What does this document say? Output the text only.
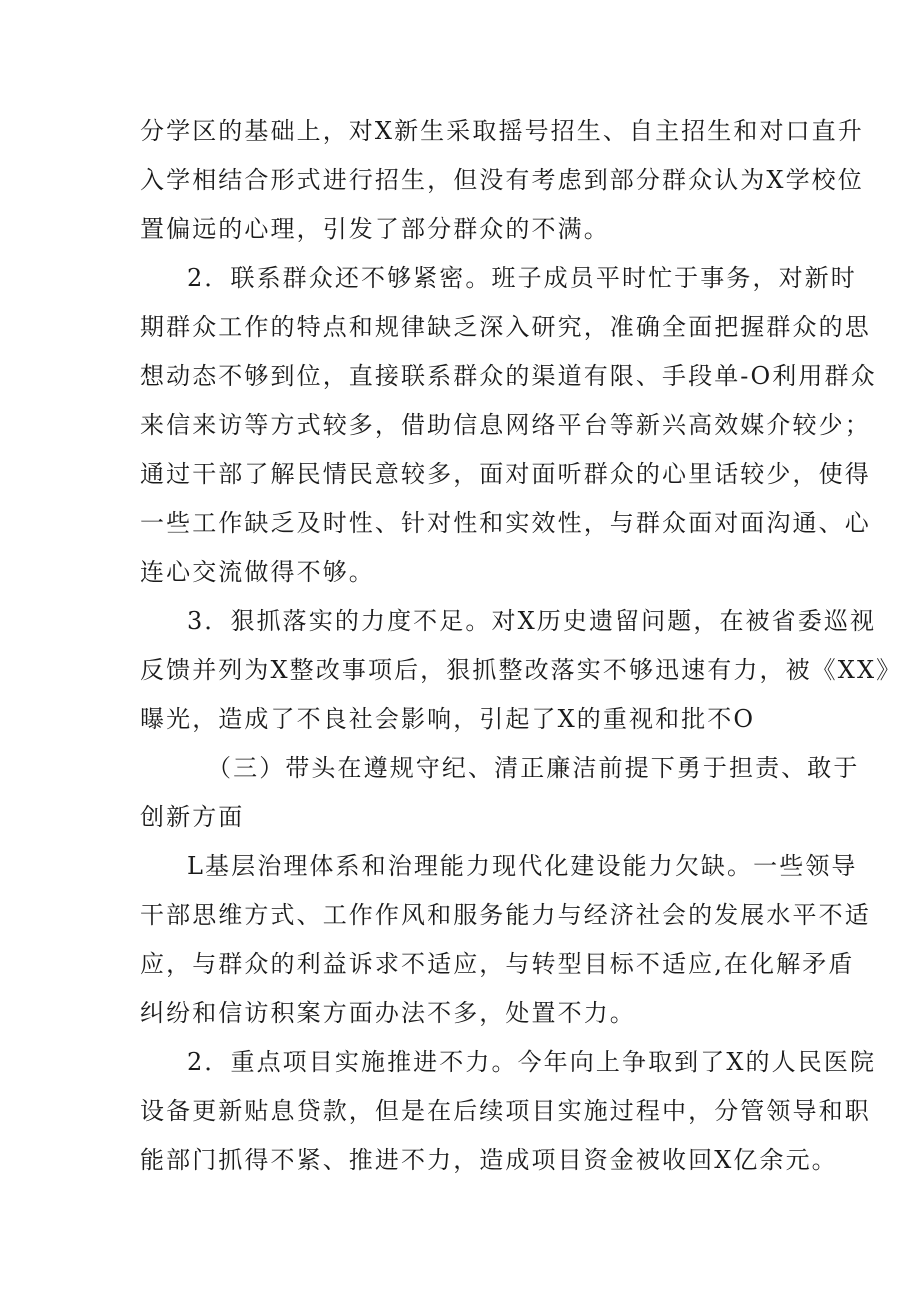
分学区的基础上，对X新生采取摇号招生、自主招生和对口直升
入学相结合形式进行招生，但没有考虑到部分群众认为X学校位
置偏远的心理，引发了部分群众的不满。
2．联系群众还不够紧密。班子成员平时忙于事务，对新时
期群众工作的特点和规律缺乏深入研究，准确全面把握群众的思
想动态不够到位，直接联系群众的渠道有限、手段单-O利用群众
来信来访等方式较多，借助信息网络平台等新兴高效媒介较少；
通过干部了解民情民意较多，面对面听群众的心里话较少，使得
一些工作缺乏及时性、针对性和实效性，与群众面对面沟通、心
连心交流做得不够。
3．狠抓落实的力度不足。对X历史遗留问题，在被省委巡视
反馈并列为X整改事项后，狠抓整改落实不够迅速有力，被《XX》
曝光，造成了不良社会影响，引起了X的重视和批不O
（三）带头在遵规守纪、清正廉洁前提下勇于担责、敢于
创新方面
L基层治理体系和治理能力现代化建设能力欠缺。一些领导
干部思维方式、工作作风和服务能力与经济社会的发展水平不适
应，与群众的利益诉求不适应，与转型目标不适应,在化解矛盾
纠纷和信访积案方面办法不多，处置不力。
2．重点项目实施推进不力。今年向上争取到了X的人民医院
设备更新贴息贷款，但是在后续项目实施过程中，分管领导和职
能部门抓得不紧、推进不力，造成项目资金被收回X亿余元。
